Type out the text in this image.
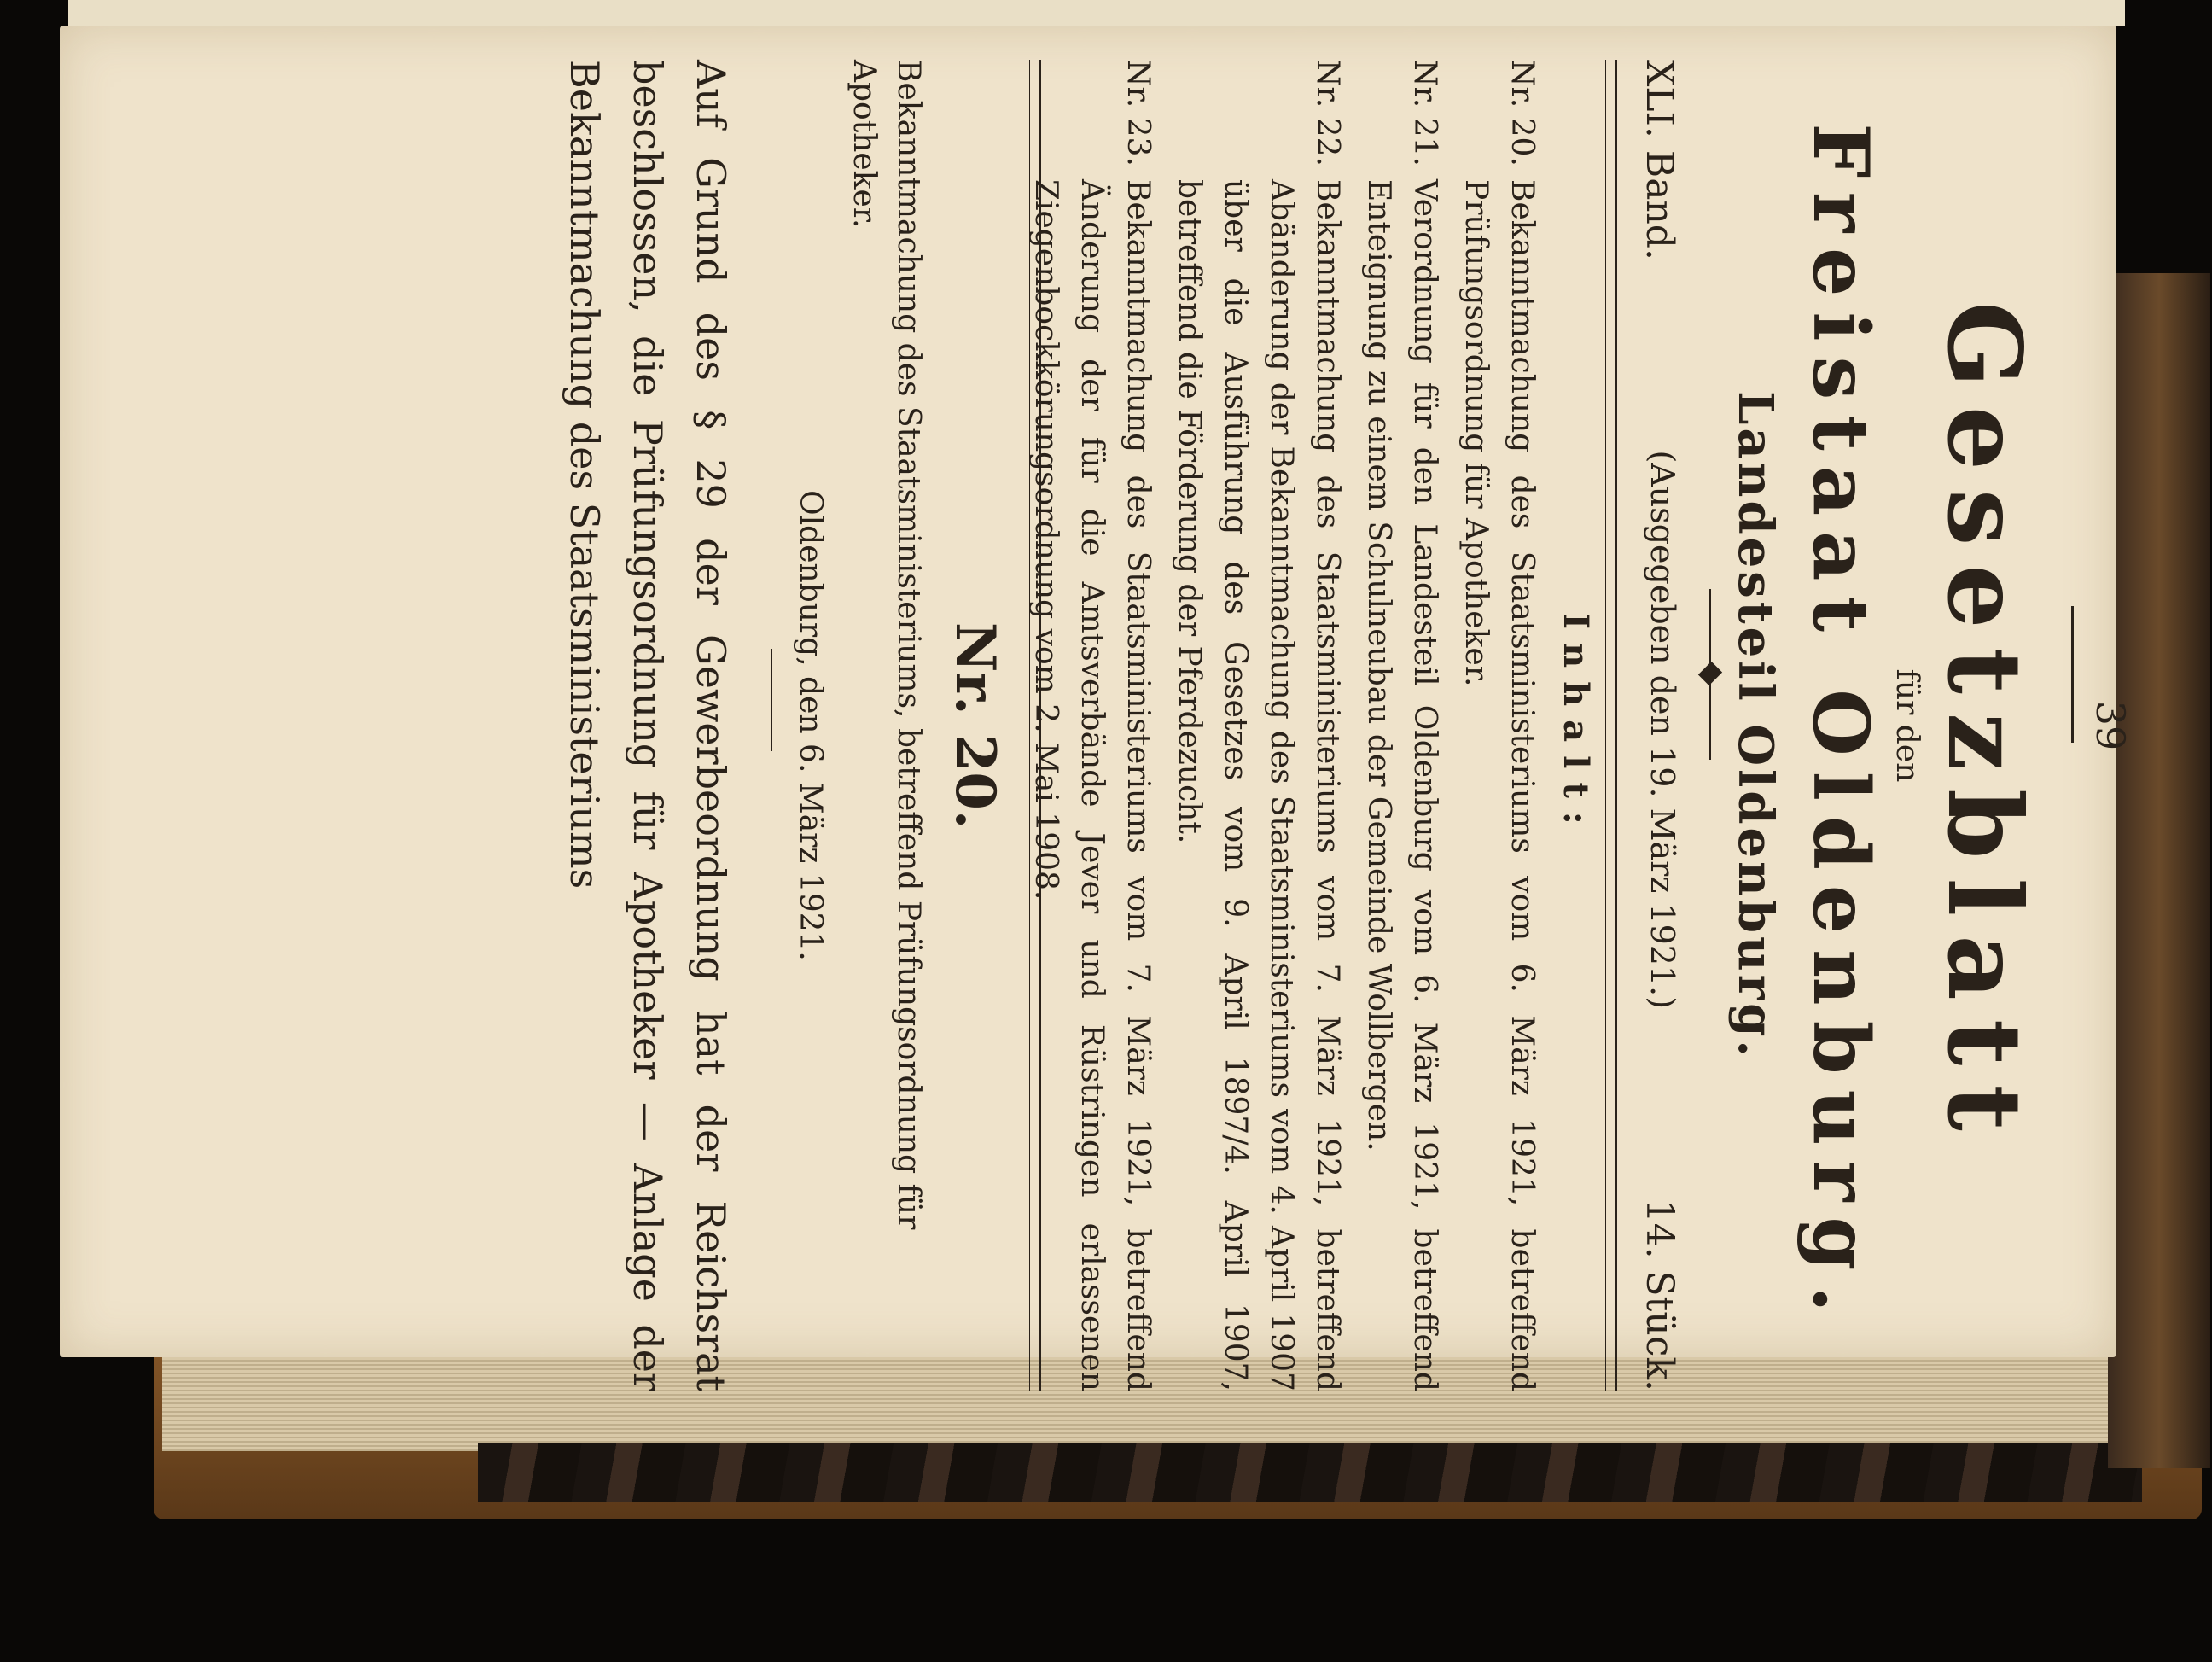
39
Gesetzblatt
für den
Freistaat Oldenburg.
Landesteil Oldenburg.
XLI. Band.
(Ausgegeben den 19. März 1921.)
14. Stück.
Inhalt:
Nr. 20.
Bekanntmachung des Staatsministeriums vom 6. März 1921, betreffend Prüfungsordnung für Apotheker.
Nr. 21.
Verordnung für den Landesteil Oldenburg vom 6. März 1921, betreffend Enteignung zu einem Schulneubau der Gemeinde Wollbergen.
Nr. 22.
Bekanntmachung des Staatsministeriums vom 7. März 1921, betreffend Abänderung der Bekanntmachung des Staatsministeriums vom 4. April 1907 über die Ausführung des Gesetzes vom 9. April 1897/4. April 1907, betreffend die Förderung der Pferdezucht.
Nr. 23.
Bekanntmachung des Staatsministeriums vom 7. März 1921, betreffend Änderung der für die Amtsverbände Jever und Rüstringen erlassenen Ziegenbockkörungsordnung vom 2. Mai 1908.
Nr. 20.
Bekanntmachung des Staatsministeriums, betreffend Prüfungsordnung für Apotheker.
Oldenburg, den 6. März 1921.
Auf Grund des § 29 der Gewerbeordnung hat der Reichsrat beschlossen, die Prüfungsordnung für Apotheker — Anlage der Bekanntmachung des Staatsministeriums
